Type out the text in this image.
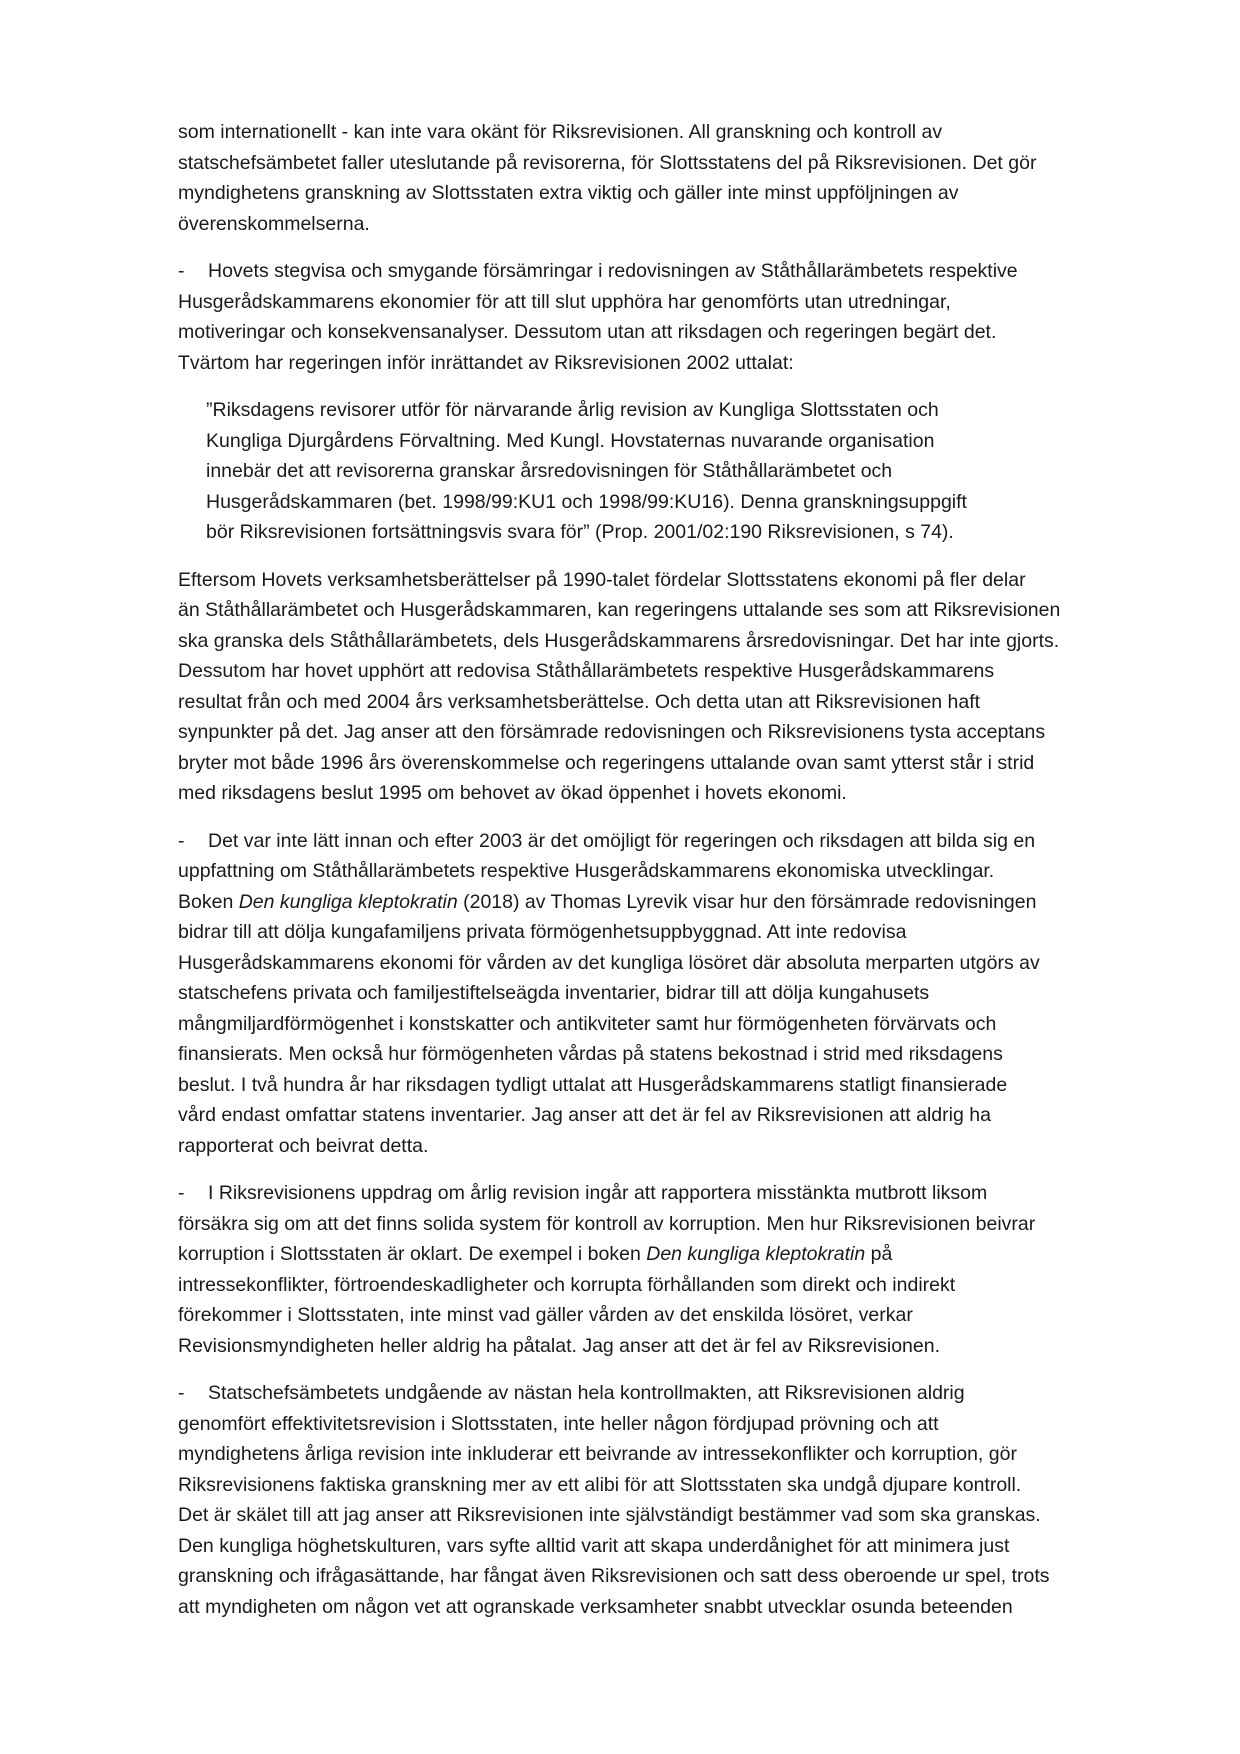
som internationellt - kan inte vara okänt för Riksrevisionen. All granskning och kontroll av
statschefsämbetet faller uteslutande på revisorerna, för Slottsstatens del på Riksrevisionen. Det gör
myndighetens granskning av Slottsstaten extra viktig och gäller inte minst uppföljningen av
överenskommelserna.
- Hovets stegvisa och smygande försämringar i redovisningen av Ståthållarämbetets respektive
Husgerådskammarens ekonomier för att till slut upphöra har genomförts utan utredningar,
motiveringar och konsekvensanalyser. Dessutom utan att riksdagen och regeringen begärt det.
Tvärtom har regeringen inför inrättandet av Riksrevisionen 2002 uttalat:
”Riksdagens revisorer utför för närvarande årlig revision av Kungliga Slottsstaten och
Kungliga Djurgårdens Förvaltning. Med Kungl. Hovstaternas nuvarande organisation
innebär det att revisorerna granskar årsredovisningen för Ståthållarämbetet och
Husgerådskammaren (bet. 1998/99:KU1 och 1998/99:KU16). Denna granskningsuppgift
bör Riksrevisionen fortsättningsvis svara för” (Prop. 2001/02:190 Riksrevisionen, s 74).
Eftersom Hovets verksamhetsberättelser på 1990-talet fördelar Slottsstatens ekonomi på fler delar
än Ståthållarämbetet och Husgerådskammaren, kan regeringens uttalande ses som att Riksrevisionen
ska granska dels Ståthållarämbetets, dels Husgerådskammarens årsredovisningar. Det har inte gjorts.
Dessutom har hovet upphört att redovisa Ståthållarämbetets respektive Husgerådskammarens
resultat från och med 2004 års verksamhetsberättelse. Och detta utan att Riksrevisionen haft
synpunkter på det. Jag anser att den försämrade redovisningen och Riksrevisionens tysta acceptans
bryter mot både 1996 års överenskommelse och regeringens uttalande ovan samt ytterst står i strid
med riksdagens beslut 1995 om behovet av ökad öppenhet i hovets ekonomi.
- Det var inte lätt innan och efter 2003 är det omöjligt för regeringen och riksdagen att bilda sig en
uppfattning om Ståthållarämbetets respektive Husgerådskammarens ekonomiska utvecklingar.
Boken Den kungliga kleptokratin (2018) av Thomas Lyrevik visar hur den försämrade redovisningen
bidrar till att dölja kungafamiljens privata förmögenhetsuppbyggnad. Att inte redovisa
Husgerådskammarens ekonomi för vården av det kungliga lösöret där absoluta merparten utgörs av
statschefens privata och familjestiftelseägda inventarier, bidrar till att dölja kungahusets
mångmiljardförmögenhet i konstskatter och antikviteter samt hur förmögenheten förvärvats och
finansierats. Men också hur förmögenheten vårdas på statens bekostnad i strid med riksdagens
beslut. I två hundra år har riksdagen tydligt uttalat att Husgerådskammarens statligt finansierade
vård endast omfattar statens inventarier. Jag anser att det är fel av Riksrevisionen att aldrig ha
rapporterat och beivrat detta.
- I Riksrevisionens uppdrag om årlig revision ingår att rapportera misstänkta mutbrott liksom
försäkra sig om att det finns solida system för kontroll av korruption. Men hur Riksrevisionen beivrar
korruption i Slottsstaten är oklart. De exempel i boken Den kungliga kleptokratin på
intressekonflikter, förtroendeskadligheter och korrupta förhållanden som direkt och indirekt
förekommer i Slottsstaten, inte minst vad gäller vården av det enskilda lösöret, verkar
Revisionsmyndigheten heller aldrig ha påtalat. Jag anser att det är fel av Riksrevisionen.
- Statschefsämbetets undgående av nästan hela kontrollmakten, att Riksrevisionen aldrig
genomfört effektivitetsrevision i Slottsstaten, inte heller någon fördjupad prövning och att
myndighetens årliga revision inte inkluderar ett beivrande av intressekonflikter och korruption, gör
Riksrevisionens faktiska granskning mer av ett alibi för att Slottsstaten ska undgå djupare kontroll.
Det är skälet till att jag anser att Riksrevisionen inte självständigt bestämmer vad som ska granskas.
Den kungliga höghetskulturen, vars syfte alltid varit att skapa underdånighet för att minimera just
granskning och ifrågasättande, har fångat även Riksrevisionen och satt dess oberoende ur spel, trots
att myndigheten om någon vet att ogranskade verksamheter snabbt utvecklar osunda beteenden
